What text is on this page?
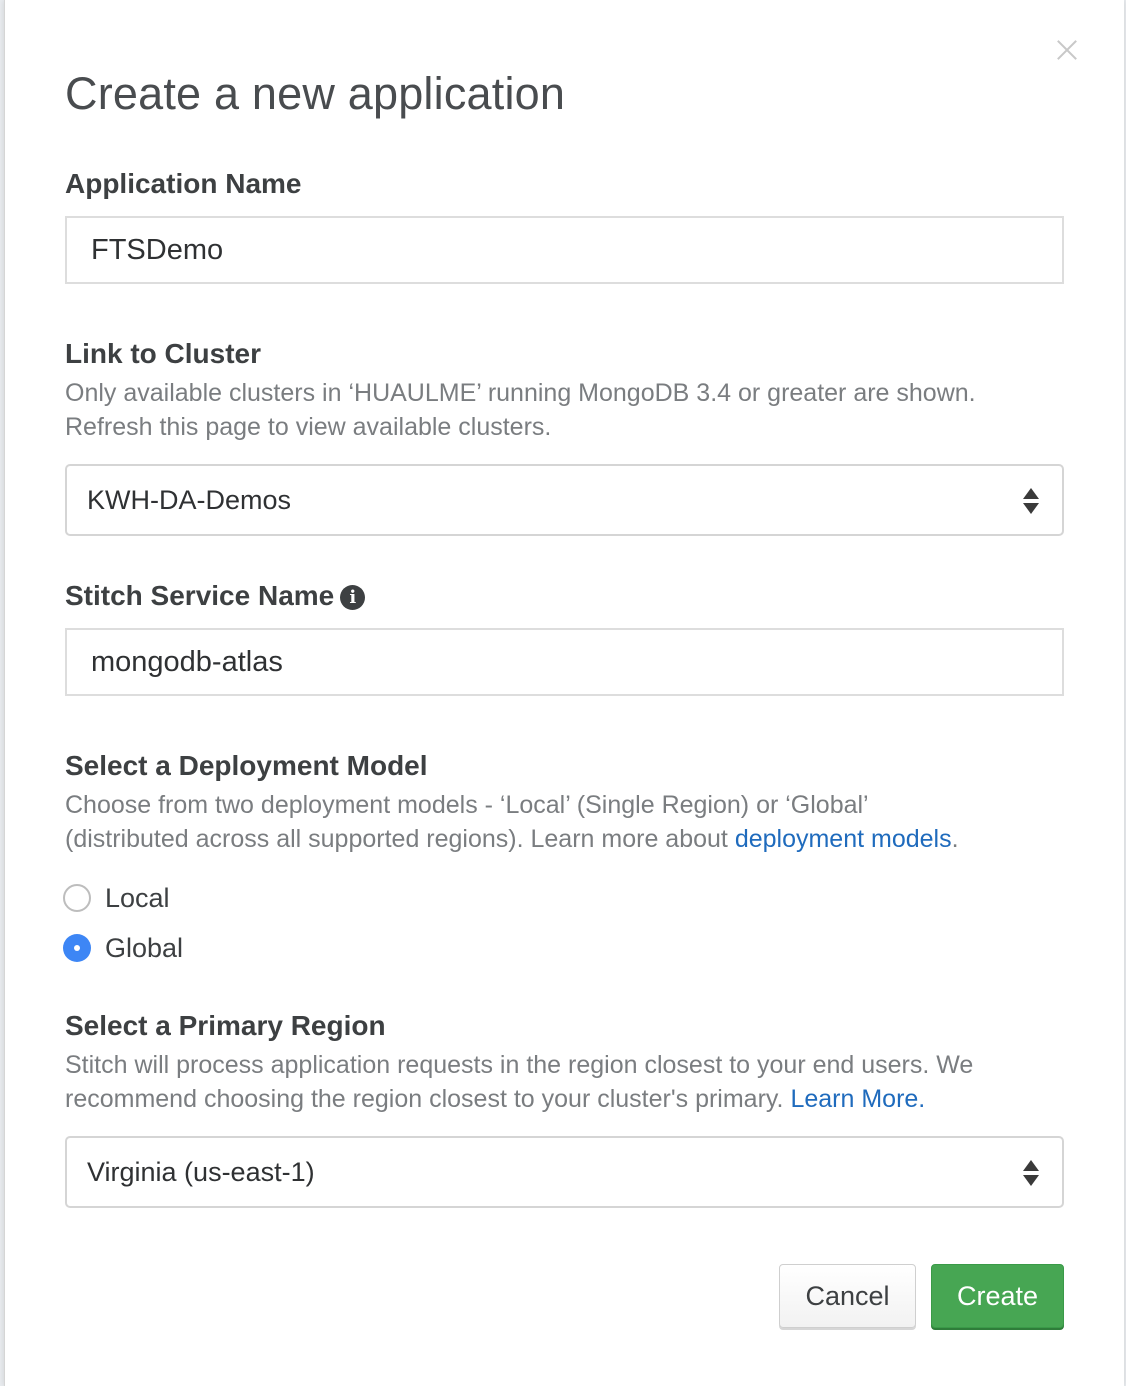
Create a new application
Application Name
FTSDemo
Link to Cluster
Only available clusters in ‘HUAULME’ running MongoDB 3.4 or greater are shown.
Refresh this page to view available clusters.
KWH-DA-Demos
Stitch Service Name i
mongodb-atlas
Select a Deployment Model
Choose from two deployment models - ‘Local’ (Single Region) or ‘Global’
(distributed across all supported regions). Learn more about deployment models.
Local
Global
Select a Primary Region
Stitch will process application requests in the region closest to your end users. We
recommend choosing the region closest to your cluster's primary. Learn More.
Virginia (us-east-1)
Cancel	Create
